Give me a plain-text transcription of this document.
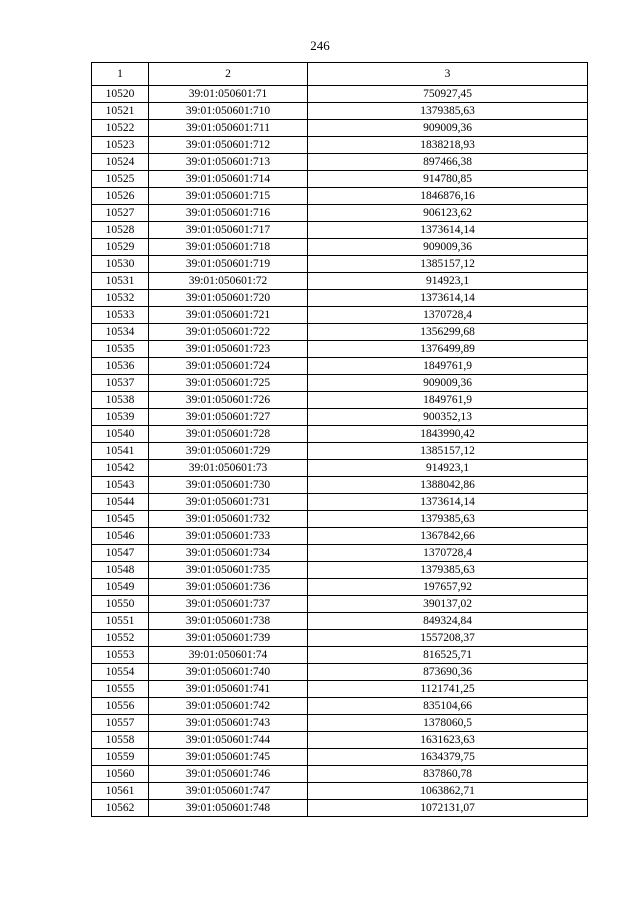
246
1	2	3
10520	39:01:050601:71	750927,45
10521	39:01:050601:710	1379385,63
10522	39:01:050601:711	909009,36
10523	39:01:050601:712	1838218,93
10524	39:01:050601:713	897466,38
10525	39:01:050601:714	914780,85
10526	39:01:050601:715	1846876,16
10527	39:01:050601:716	906123,62
10528	39:01:050601:717	1373614,14
10529	39:01:050601:718	909009,36
10530	39:01:050601:719	1385157,12
10531	39:01:050601:72	914923,1
10532	39:01:050601:720	1373614,14
10533	39:01:050601:721	1370728,4
10534	39:01:050601:722	1356299,68
10535	39:01:050601:723	1376499,89
10536	39:01:050601:724	1849761,9
10537	39:01:050601:725	909009,36
10538	39:01:050601:726	1849761,9
10539	39:01:050601:727	900352,13
10540	39:01:050601:728	1843990,42
10541	39:01:050601:729	1385157,12
10542	39:01:050601:73	914923,1
10543	39:01:050601:730	1388042,86
10544	39:01:050601:731	1373614,14
10545	39:01:050601:732	1379385,63
10546	39:01:050601:733	1367842,66
10547	39:01:050601:734	1370728,4
10548	39:01:050601:735	1379385,63
10549	39:01:050601:736	197657,92
10550	39:01:050601:737	390137,02
10551	39:01:050601:738	849324,84
10552	39:01:050601:739	1557208,37
10553	39:01:050601:74	816525,71
10554	39:01:050601:740	873690,36
10555	39:01:050601:741	1121741,25
10556	39:01:050601:742	835104,66
10557	39:01:050601:743	1378060,5
10558	39:01:050601:744	1631623,63
10559	39:01:050601:745	1634379,75
10560	39:01:050601:746	837860,78
10561	39:01:050601:747	1063862,71
10562	39:01:050601:748	1072131,07
